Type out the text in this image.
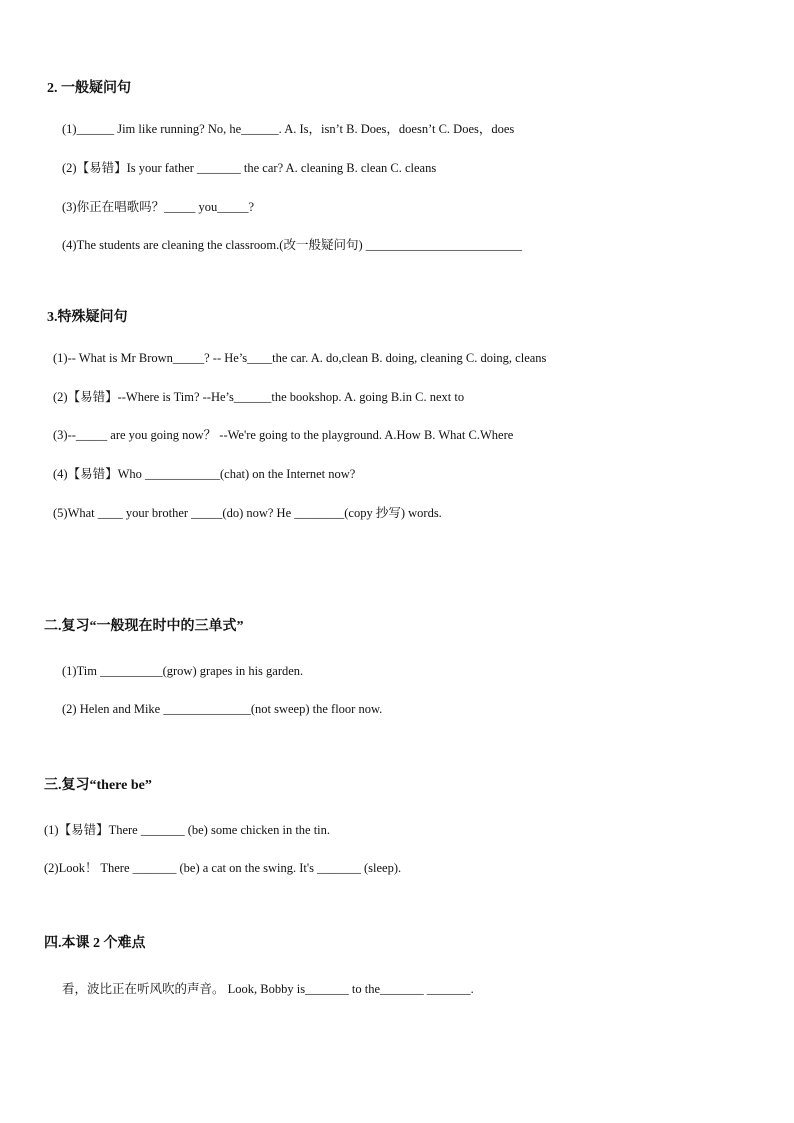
2. 一般疑问句
(1)______ Jim like running? No, he______. A. Is，isn’t B. Does，doesn’t C. Does，does
(2)【易错】Is your father _______ the car? A. cleaning B. clean C. cleans
(3)你正在唱歌吗？_____ you_____?
(4)The students are cleaning the classroom.(改一般疑问句) _________________________
3.特殊疑问句
(1)-- What is Mr Brown_____? -- He’s____the car. A. do,clean B. doing, cleaning C. doing, cleans
(2)【易错】--Where is Tim? --He’s______the bookshop. A. going B.in C. next to
(3)--_____ are you going now？ --We're going to the playground. A.How B. What C.Where
(4)【易错】Who ____________(chat) on the Internet now?
(5)What ____ your brother _____(do) now? He ________(copy 抄写) words.
二.复习“一般现在时中的三单式”
(1)Tim __________(grow) grapes in his garden.
(2) Helen and Mike ______________(not sweep) the floor now.
三.复习“there be”
(1)【易错】There _______ (be) some chicken in the tin.
(2)Look！ There _______ (be) a cat on the swing. It's _______ (sleep).
四.本课 2 个难点
看，波比正在听风吹的声音。 Look, Bobby is_______ to the_______ _______.
